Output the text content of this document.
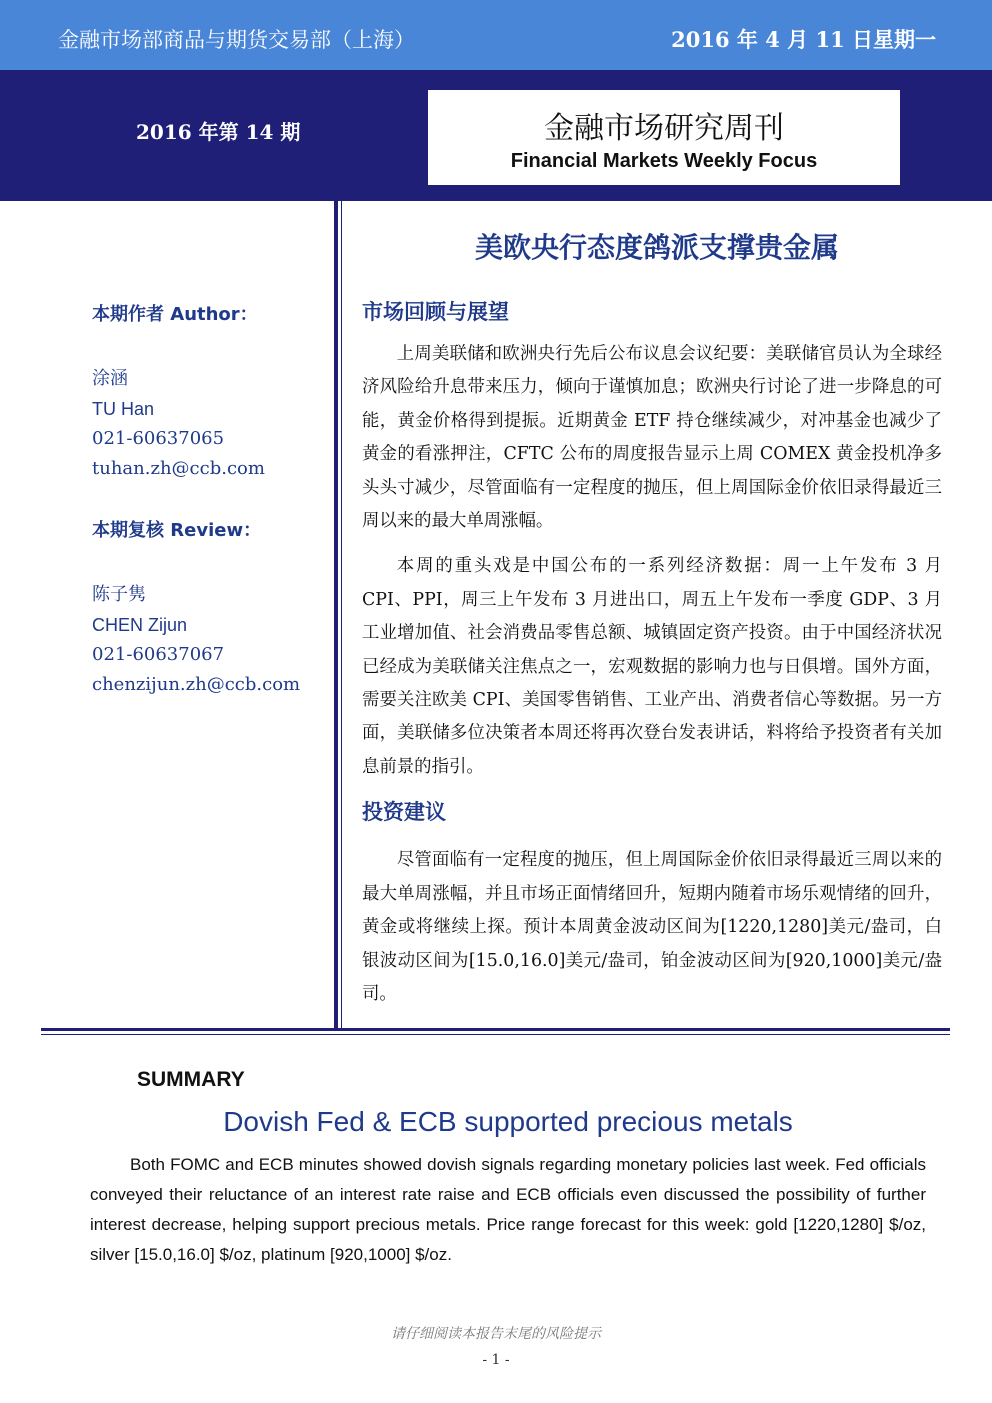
金融市场部商品与期货交易部（上海）	2016 年 4 月 11 日星期一
2016 年第 14 期	金融市场研究周刊
Financial Markets Weekly Focus

本期作者 Author：

涂涵

TU Han

021-60637065

tuhan.zh@ccb.com

本期复核 Review：

陈子隽

CHEN Zijun

021-60637067

chenzijun.zh@ccb.com

美欧央行态度鸽派支撑贵金属
市场回顾与展望

上周美联储和欧洲央行先后公布议息会议纪要：美联储官员认为全球经济风险给升息带来压力，倾向于谨慎加息；欧洲央行讨论了进一步降息的可能，黄金价格得到提振。近期黄金 ETF 持仓继续减少，对冲基金也减少了黄金的看涨押注，CFTC 公布的周度报告显示上周 COMEX 黄金投机净多头头寸减少，尽管面临有一定程度的抛压，但上周国际金价依旧录得最近三周以来的最大单周涨幅。

本周的重头戏是中国公布的一系列经济数据：周一上午发布 3 月 CPI、PPI，周三上午发布 3 月进出口，周五上午发布一季度 GDP、3 月工业增加值、社会消费品零售总额、城镇固定资产投资。由于中国经济状况已经成为美联储关注焦点之一，宏观数据的影响力也与日俱增。国外方面，需要关注欧美 CPI、美国零售销售、工业产出、消费者信心等数据。另一方面，美联储多位决策者本周还将再次登台发表讲话，料将给予投资者有关加息前景的指引。

投资建议

尽管面临有一定程度的抛压，但上周国际金价依旧录得最近三周以来的最大单周涨幅，并且市场正面情绪回升，短期内随着市场乐观情绪的回升，黄金或将继续上探。预计本周黄金波动区间为[1220,1280]美元/盎司，白银波动区间为[15.0,16.0]美元/盎司，铂金波动区间为[920,1000]美元/盎司。

SUMMARY

Dovish Fed & ECB supported precious metals

Both FOMC and ECB minutes showed dovish signals regarding monetary policies last week. Fed officials conveyed their reluctance of an interest rate raise and ECB officials even discussed the possibility of further interest decrease, helping support precious metals. Price range forecast for this week: gold [1220,1280] $/oz, silver [15.0,16.0] $/oz, platinum [920,1000] $/oz.

请仔细阅读本报告末尾的风险提示
- 1 -
